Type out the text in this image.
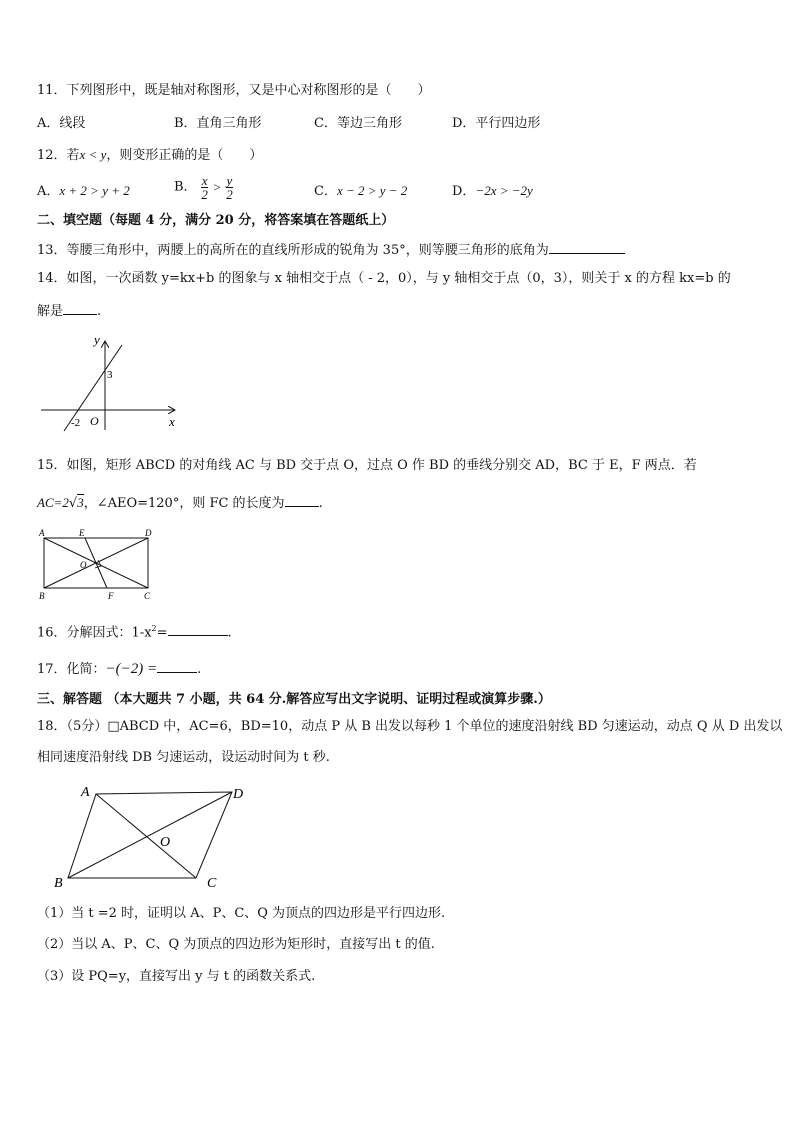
11．下列图形中，既是轴对称图形，又是中心对称图形的是（　　）
A．线段	B．直角三角形	C．等边三角形	D．平行四边形
12．若x < y，则变形正确的是（　　）
A．x + 2 > y + 2	B． $\frac{x}{2} > \frac{y}{2}$	C．x − 2 > y − 2	D．−2x > −2y
二、填空题（每题 4 分，满分 20 分，将答案填在答题纸上）
13．等腰三角形中，两腰上的高所在的直线所形成的锐角为 35°，则等腰三角形的底角为
14．如图，一次函数 y=kx+b 的图象与 x 轴相交于点（ - 2，0），与 y 轴相交于点（0，3），则关于 x 的方程 kx=b 的
解是	.
y
x
3
-2 O
15．如图，矩形 ABCD 的对角线 AC 与 BD 交于点 O，过点 O 作 BD 的垂线分别交 AD，BC 于 E，F 两点．若
AC=2√3，∠AEO=120°，则 FC 的长度为	.
A	E	D
O
B	F	C
16．分解因式：$1-x^2=$	.
17．化简：−(−2) =	.
三、解答题 （本大题共 7 小题，共 64 分.解答应写出文字说明、证明过程或演算步骤.）
18．（5分）□ABCD 中，AC=6，BD=10，动点 P 从 B 出发以每秒 1 个单位的速度沿射线 BD 匀速运动，动点 Q 从 D 出发以
相同速度沿射线 DB 匀速运动，设运动时间为 t 秒.
A	D
O
B	C
（1）当 t =2 时，证明以 A、P、C、Q 为顶点的四边形是平行四边形.
（2）当以 A、P、C、Q 为顶点的四边形为矩形时，直接写出 t 的值.
（3）设 PQ=y，直接写出 y 与 t 的函数关系式.
